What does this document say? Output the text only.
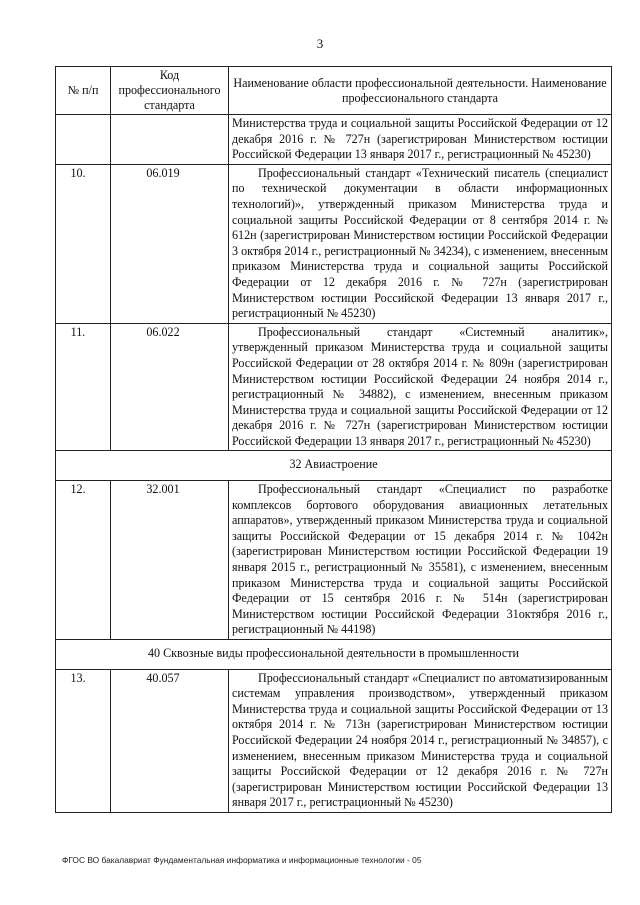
3
№ п/п	Код профессионального стандарта	Наименование области профессиональной деятельности. Наименование профессионального стандарта
		Министерства труда и социальной защиты Российской Федерации от 12 декабря 2016 г. № 727н (зарегистрирован Министерством юстиции Российской Федерации 13 января 2017 г., регистрационный № 45230)
10.	06.019	Профессиональный стандарт «Технический писатель (специалист по технической документации в области информационных технологий)», утвержденный приказом Министерства труда и социальной защиты Российской Федерации от 8 сентября 2014 г. № 612н (зарегистрирован Министерством юстиции Российской Федерации 3 октября 2014 г., регистрационный № 34234), с изменением, внесенным приказом Министерства труда и социальной защиты Российской Федерации от 12 декабря 2016 г. № 727н (зарегистрирован Министерством юстиции Российской Федерации 13 января 2017 г., регистрационный № 45230)
11.	06.022	Профессиональный стандарт «Системный аналитик», утвержденный приказом Министерства труда и социальной защиты Российской Федерации от 28 октября 2014 г. № 809н (зарегистрирован Министерством юстиции Российской Федерации 24 ноября 2014 г., регистрационный № 34882), с изменением, внесенным приказом Министерства труда и социальной защиты Российской Федерации от 12 декабря 2016 г. № 727н (зарегистрирован Министерством юстиции Российской Федерации 13 января 2017 г., регистрационный № 45230)
32 Авиастроение		
12.	32.001	Профессиональный стандарт «Специалист по разработке комплексов бортового оборудования авиационных летательных аппаратов», утвержденный приказом Министерства труда и социальной защиты Российской Федерации от 15 декабря 2014 г. № 1042н (зарегистрирован Министерством юстиции Российской Федерации 19 января 2015 г., регистрационный № 35581), с изменением, внесенным приказом Министерства труда и социальной защиты Российской Федерации от 15 сентября 2016 г. № 514н (зарегистрирован Министерством юстиции Российской Федерации 31октября 2016 г., регистрационный № 44198)
40 Сквозные виды профессиональной деятельности в промышленности		
13.	40.057	Профессиональный стандарт «Специалист по автоматизированным системам управления производством», утвержденный приказом Министерства труда и социальной защиты Российской Федерации от 13 октября 2014 г. № 713н (зарегистрирован Министерством юстиции Российской Федерации 24 ноября 2014 г., регистрационный № 34857), с изменением, внесенным приказом Министерства труда и социальной защиты Российской Федерации от 12 декабря 2016 г. № 727н (зарегистрирован Министерством юстиции Российской Федерации 13 января 2017 г., регистрационный № 45230)
ФГОС ВО бакалавриат Фундаментальная информатика и информационные технологии - 05
